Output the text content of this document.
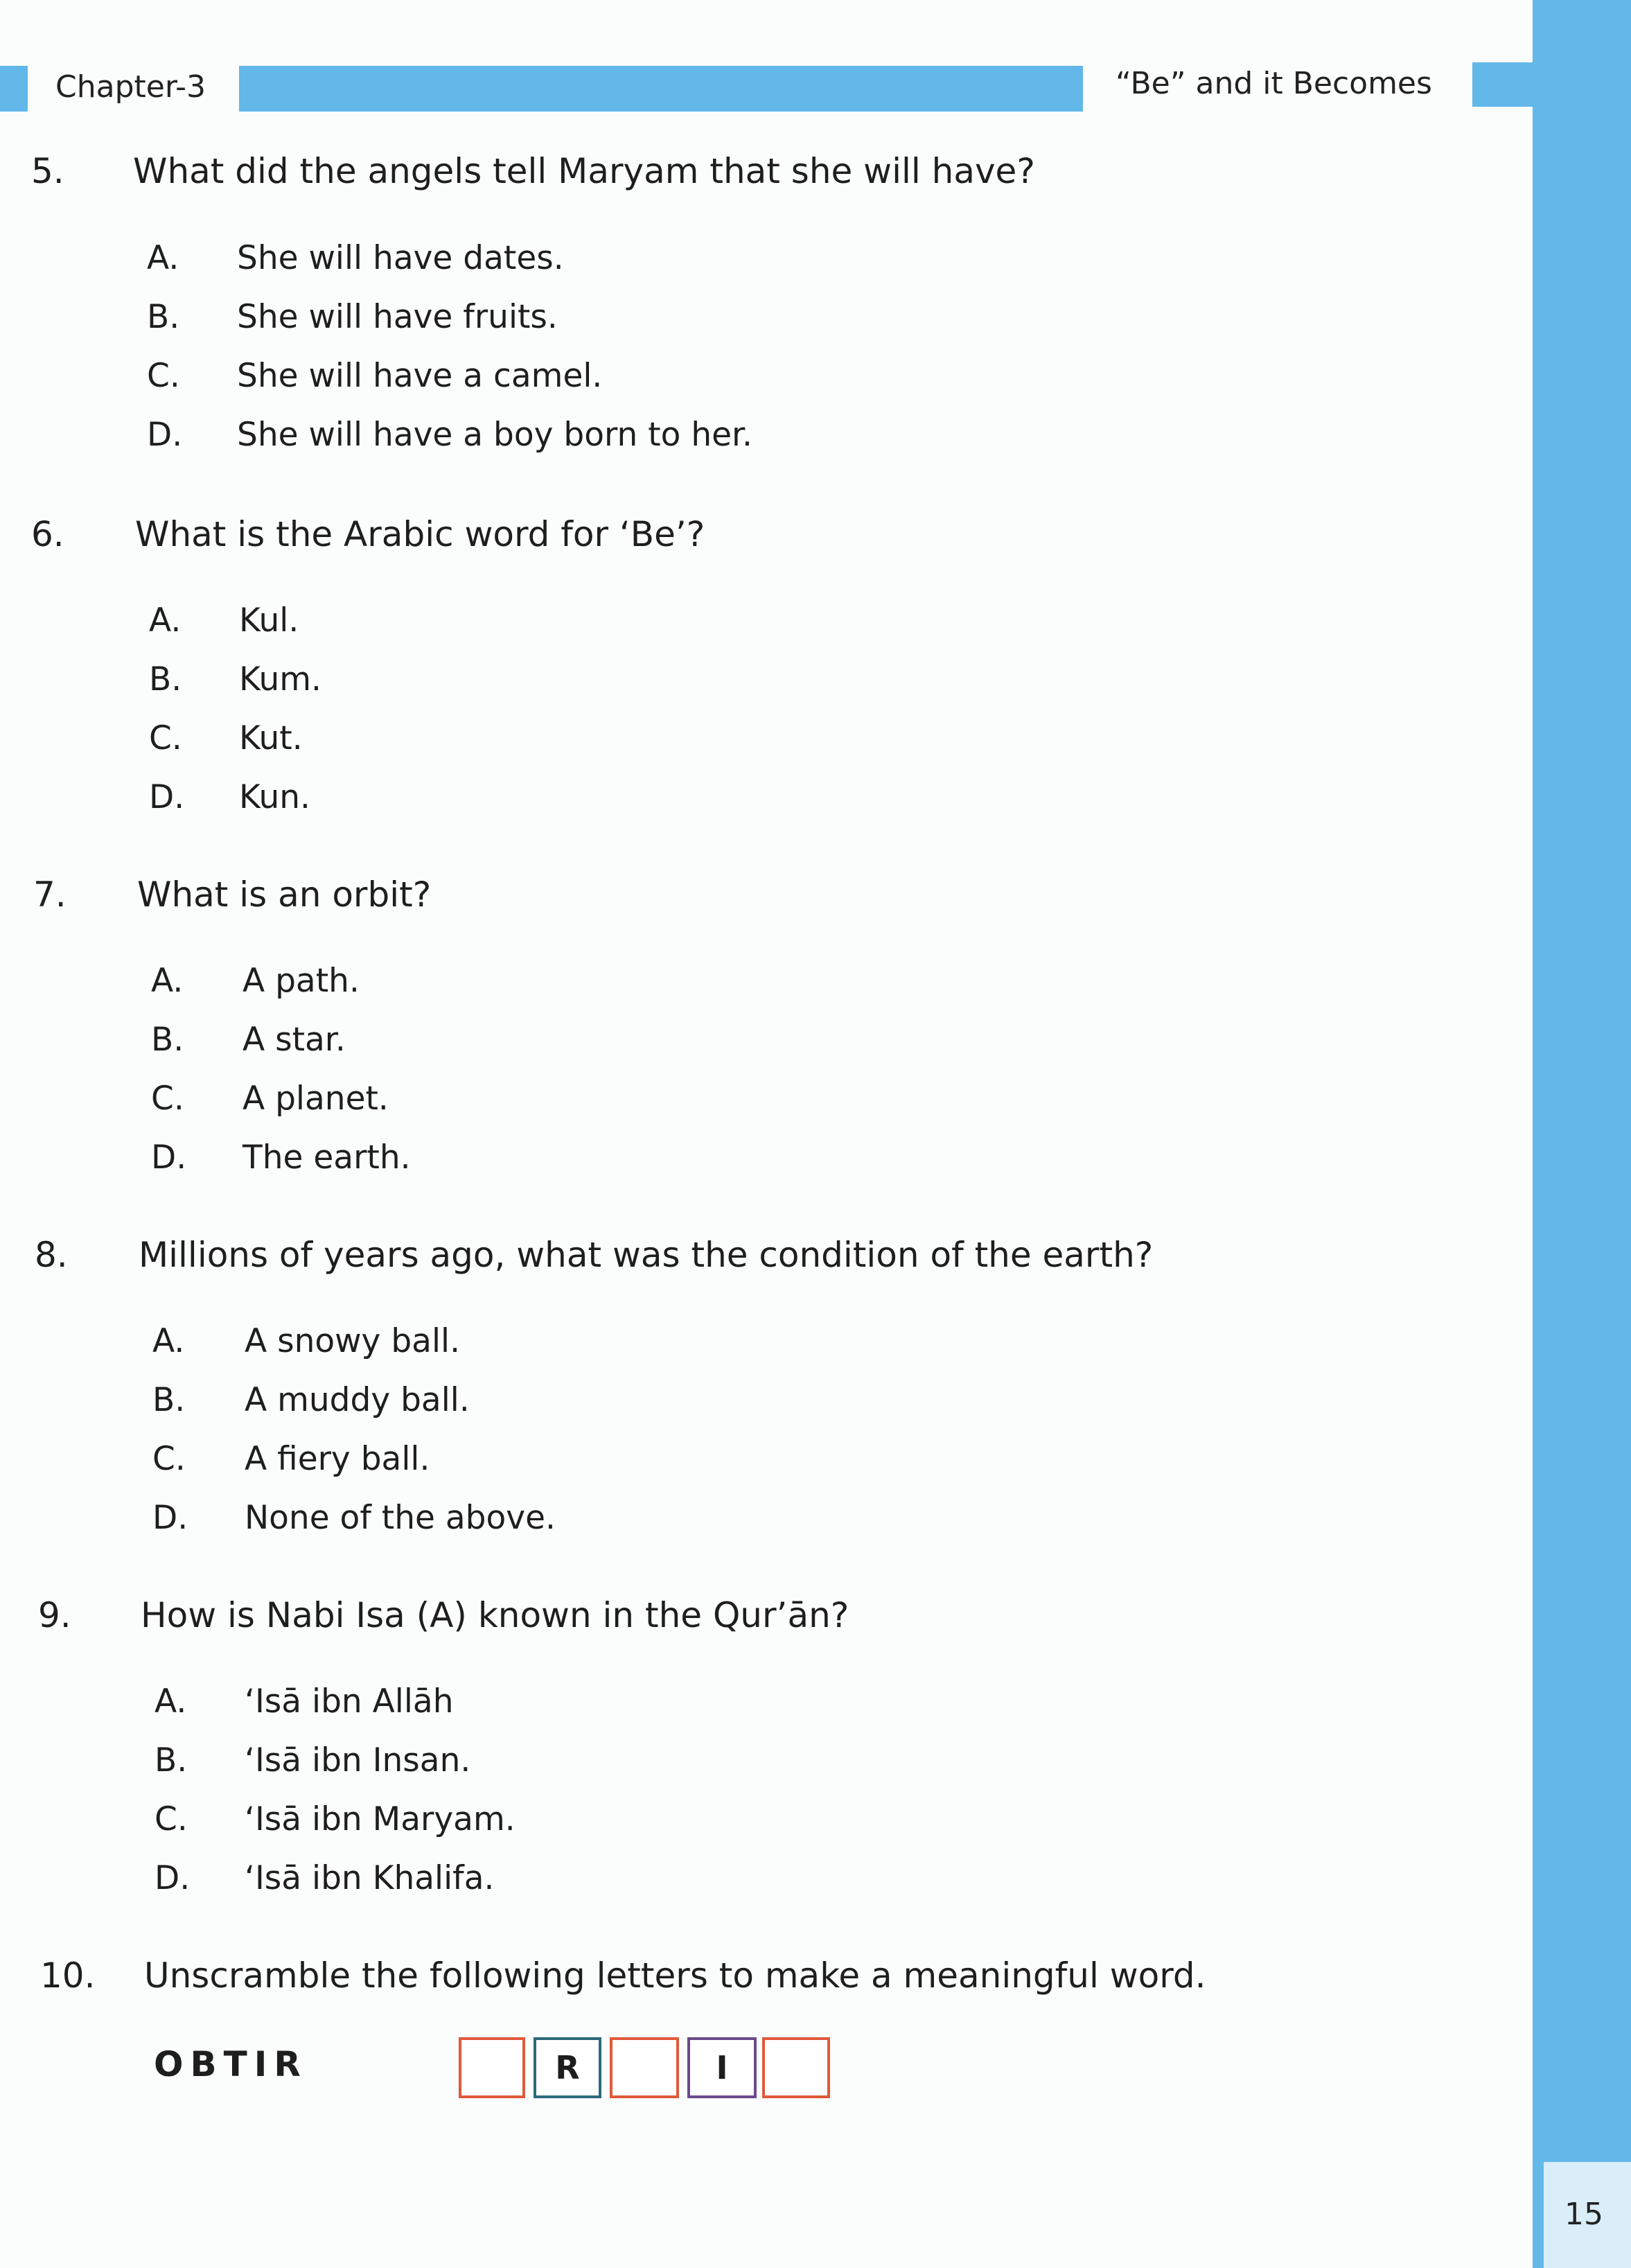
Chapter-3	“Be” and it Becomes
15
5. What did the angels tell Maryam that she will have?
A. She will have dates.
B. She will have fruits.
C. She will have a camel.
D. She will have a boy born to her.
6. What is the Arabic word for ‘Be’?
A. Kul.
B. Kum.
C. Kut.
D. Kun.
7. What is an orbit?
A. A path.
B. A star.
C. A planet.
D. The earth.
8. Millions of years ago, what was the condition of the earth?
A. A snowy ball.
B. A muddy ball.
C. A fiery ball.
D. None of the above.
9. How is Nabi Isa (A) known in the Qur’ān?
A. ‘Isā ibn Allāh
B. ‘Isā ibn Insan.
C. ‘Isā ibn Maryam.
D. ‘Isā ibn Khalifa.
10. Unscramble the following letters to make a meaningful word.
OBTIR	R	I
